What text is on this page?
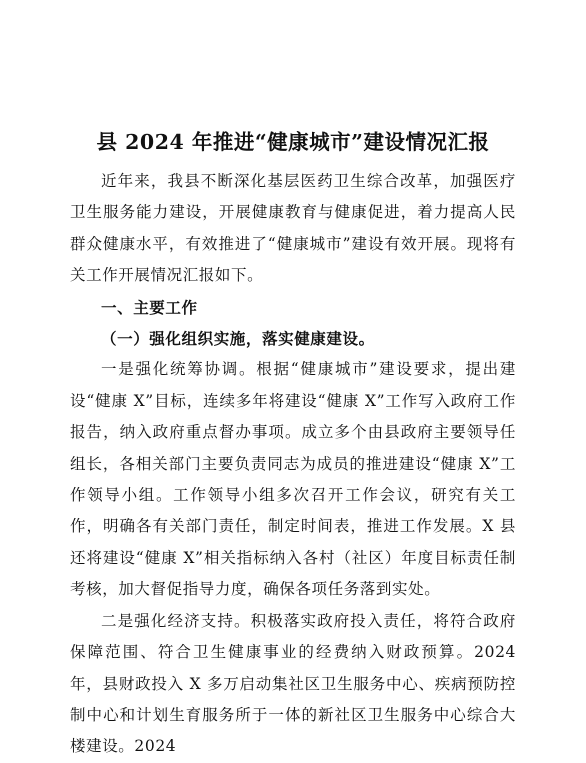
县 2024 年推进“健康城市”建设情况汇报

近年来，我县不断深化基层医药卫生综合改革，加强医疗卫生服务能力建设，开展健康教育与健康促进，着力提高人民群众健康水平，有效推进了“健康城市”建设有效开展。现将有关工作开展情况汇报如下。

一、主要工作

（一）强化组织实施，落实健康建设。

一是强化统筹协调。根据“健康城市”建设要求，提出建设“健康 X”目标，连续多年将建设“健康 X”工作写入政府工作报告，纳入政府重点督办事项。成立多个由县政府主要领导任组长，各相关部门主要负责同志为成员的推进建设“健康 X”工作领导小组。工作领导小组多次召开工作会议，研究有关工作，明确各有关部门责任，制定时间表，推进工作发展。X 县还将建设“健康 X”相关指标纳入各村（社区）年度目标责任制考核，加大督促指导力度，确保各项任务落到实处。

二是强化经济支持。积极落实政府投入责任，将符合政府保障范围、符合卫生健康事业的经费纳入财政预算。2024 年，县财政投入 X 多万启动集社区卫生服务中心、疾病预防控制中心和计划生育服务所于一体的新社区卫生服务中心综合大楼建设。2024
